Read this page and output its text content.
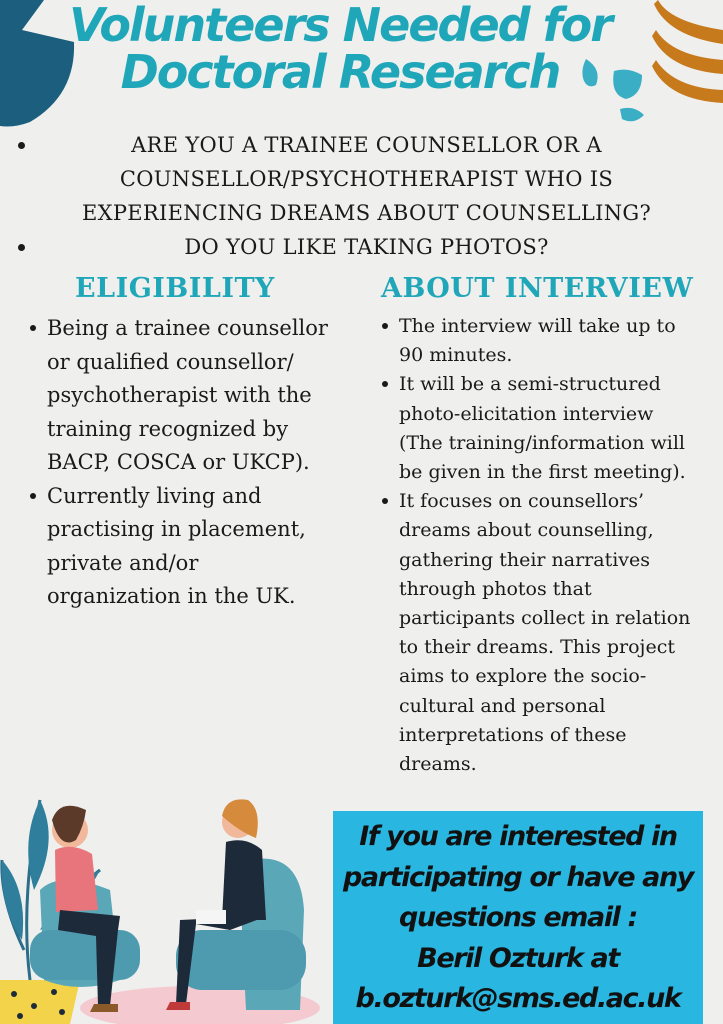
Volunteers Needed for Doctoral Research
ARE YOU A TRAINEE COUNSELLOR OR A COUNSELLOR/PSYCHOTHERAPIST WHO IS EXPERIENCING DREAMS ABOUT COUNSELLING?
DO YOU LIKE TAKING PHOTOS?
ELIGIBILITY	ABOUT INTERVIEW
Being a trainee counsellor or qualified counsellor/ psychotherapist with the training recognized by BACP, COSCA or UKCP).
Currently living and practising in placement, private and/or organization in the UK.
The interview will take up to 90 minutes.
It will be a semi-structured photo-elicitation interview (The training/information will be given in the first meeting).
It focuses on counsellors’ dreams about counselling, gathering their narratives through photos that participants collect in relation to their dreams. This project aims to explore the socio-cultural and personal interpretations of these dreams.
If you are interested in
participating or have any
questions email :
Beril Ozturk at
b.ozturk@sms.ed.ac.uk
